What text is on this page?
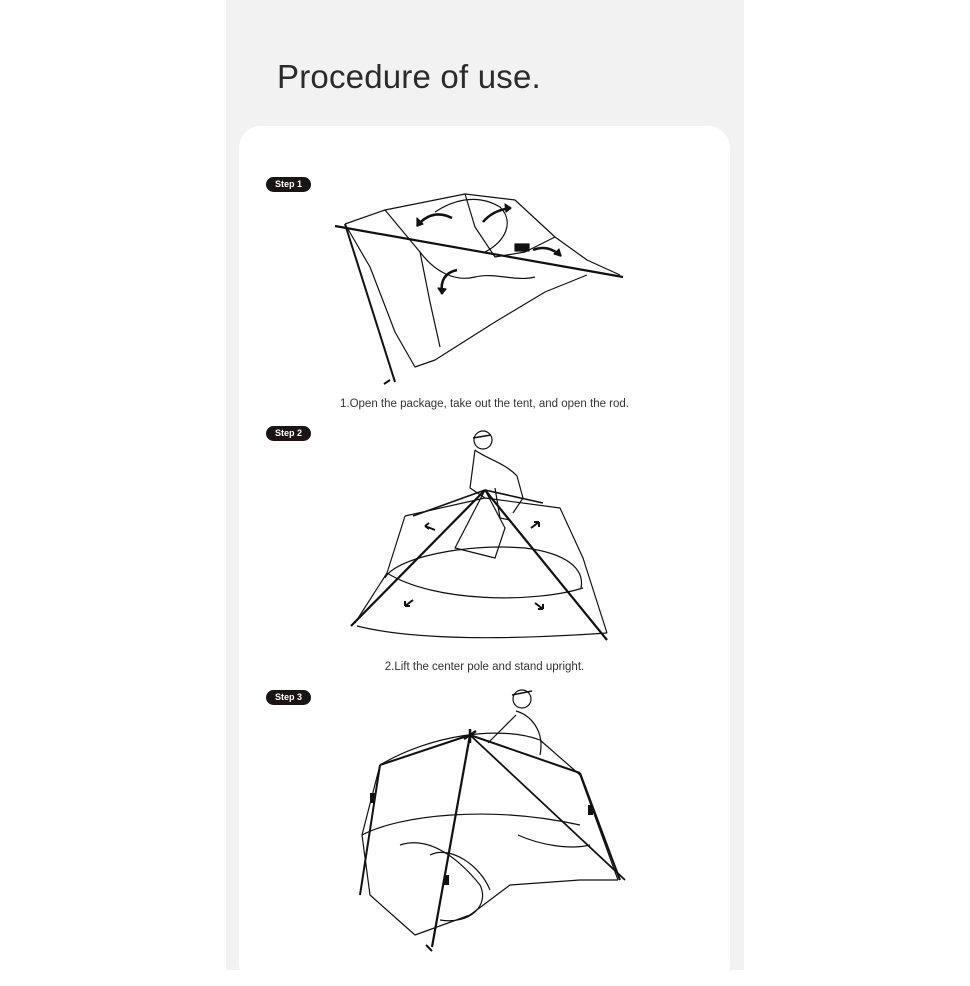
Procedure of use.
Step 1
1.Open the package, take out the tent, and open the rod.
Step 2
2.Lift the center pole and stand upright.
Step 3
